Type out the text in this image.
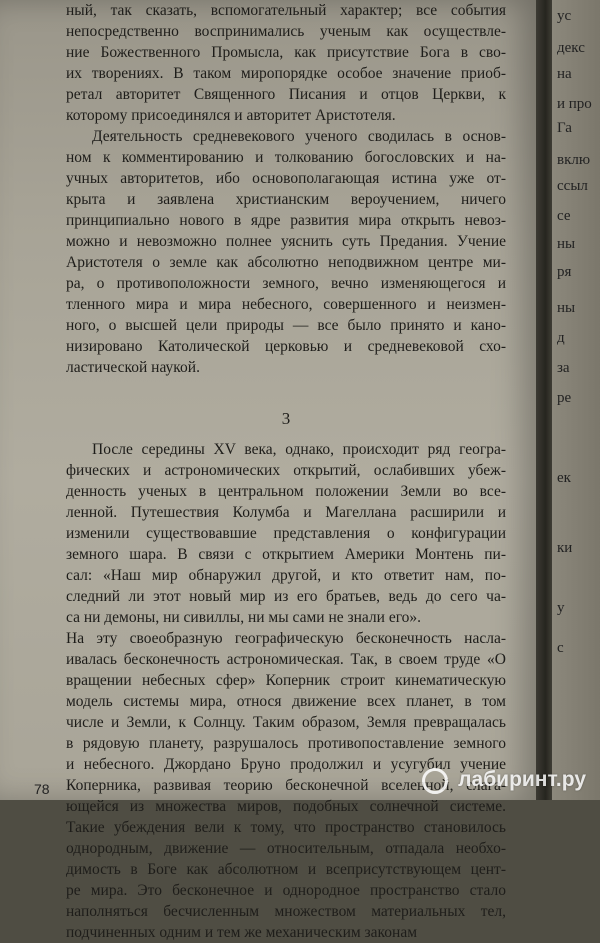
ный, так сказать, вспомогательный характер; все события
непосредственно воспринимались ученым как осуществле-
ние Божественного Промысла, как присутствие Бога в сво-
их творениях. В таком миропорядке особое значение приоб-
ретал авторитет Священного Писания и отцов Церкви, к
которому присоединялся и авторитет Аристотеля.
Деятельность средневекового ученого сводилась в основ-
ном к комментированию и толкованию богословских и на-
учных авторитетов, ибо основополагающая истина уже от-
крыта и заявлена христианским вероучением, ничего
принципиально нового в ядре развития мира открыть невоз-
можно и невозможно полнее уяснить суть Предания. Учение
Аристотеля о земле как абсолютно неподвижном центре ми-
ра, о противоположности земного, вечно изменяющегося и
тленного мира и мира небесного, совершенного и неизмен-
ного, о высшей цели природы — все было принято и кано-
низировано Католической церковью и средневековой схо-
ластической наукой.
3
После середины XV века, однако, происходит ряд геогра-
фических и астрономических открытий, ослабивших убеж-
денность ученых в центральном положении Земли во все-
ленной. Путешествия Колумба и Магеллана расширили и
изменили существовавшие представления о конфигурации
земного шара. В связи с открытием Америки Монтень пи-
сал: «Наш мир обнаружил другой, и кто ответит нам, по-
следний ли этот новый мир из его братьев, ведь до сего ча-
са ни демоны, ни сивиллы, ни мы сами не знали его».
На эту своеобразную географическую бесконечность насла-
ивалась бесконечность астрономическая. Так, в своем труде «О
вращении небесных сфер» Коперник строит кинематическую
модель системы мира, относя движение всех планет, в том
числе и Земли, к Солнцу. Таким образом, Земля превращалась
в рядовую планету, разрушалось противопоставление земного
и небесного. Джордано Бруно продолжил и усугубил учение
Коперника, развивая теорию бесконечной вселенной, слага-
ющейся из множества миров, подобных солнечной системе.
Такие убеждения вели к тому, что пространство становилось
однородным, движение — относительным, отпадала необхо-
димость в Боге как абсолютном и всеприсутствующем цент-
ре мира. Это бесконечное и однородное пространство стало
наполняться бесчисленным множеством материальных тел,
подчиненных одним и тем же механическим законам
ус
декс
на
и про
Га
вклю
ссыл
се
ны
ря
ны
д
за
ре
ек
ки
у
с
78	лабиринт.ру
